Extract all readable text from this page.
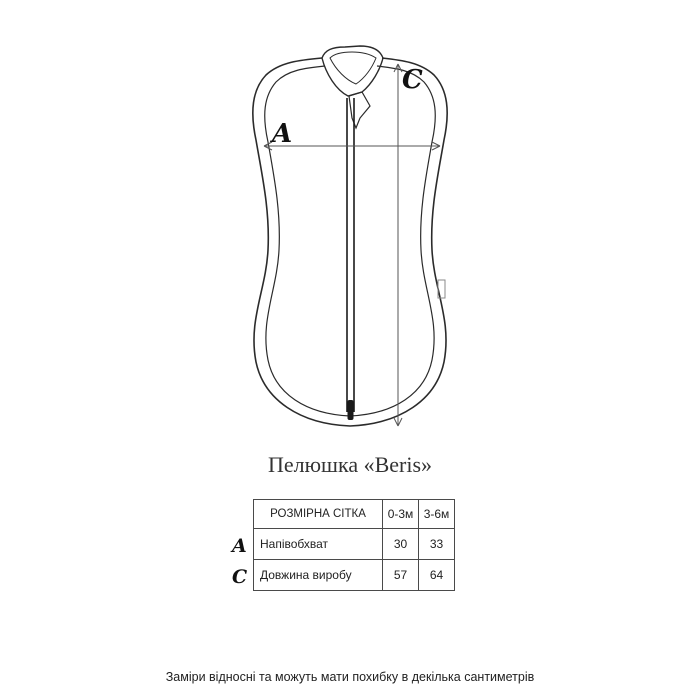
A
C
Пелюшка «Beris»
A
C
РОЗМІРНА СІТКА	0-3м	3-6м
Напівобхват	30	33
Довжина виробу	57	64
Заміри відносні та можуть мати похибку в декілька сантиметрів
